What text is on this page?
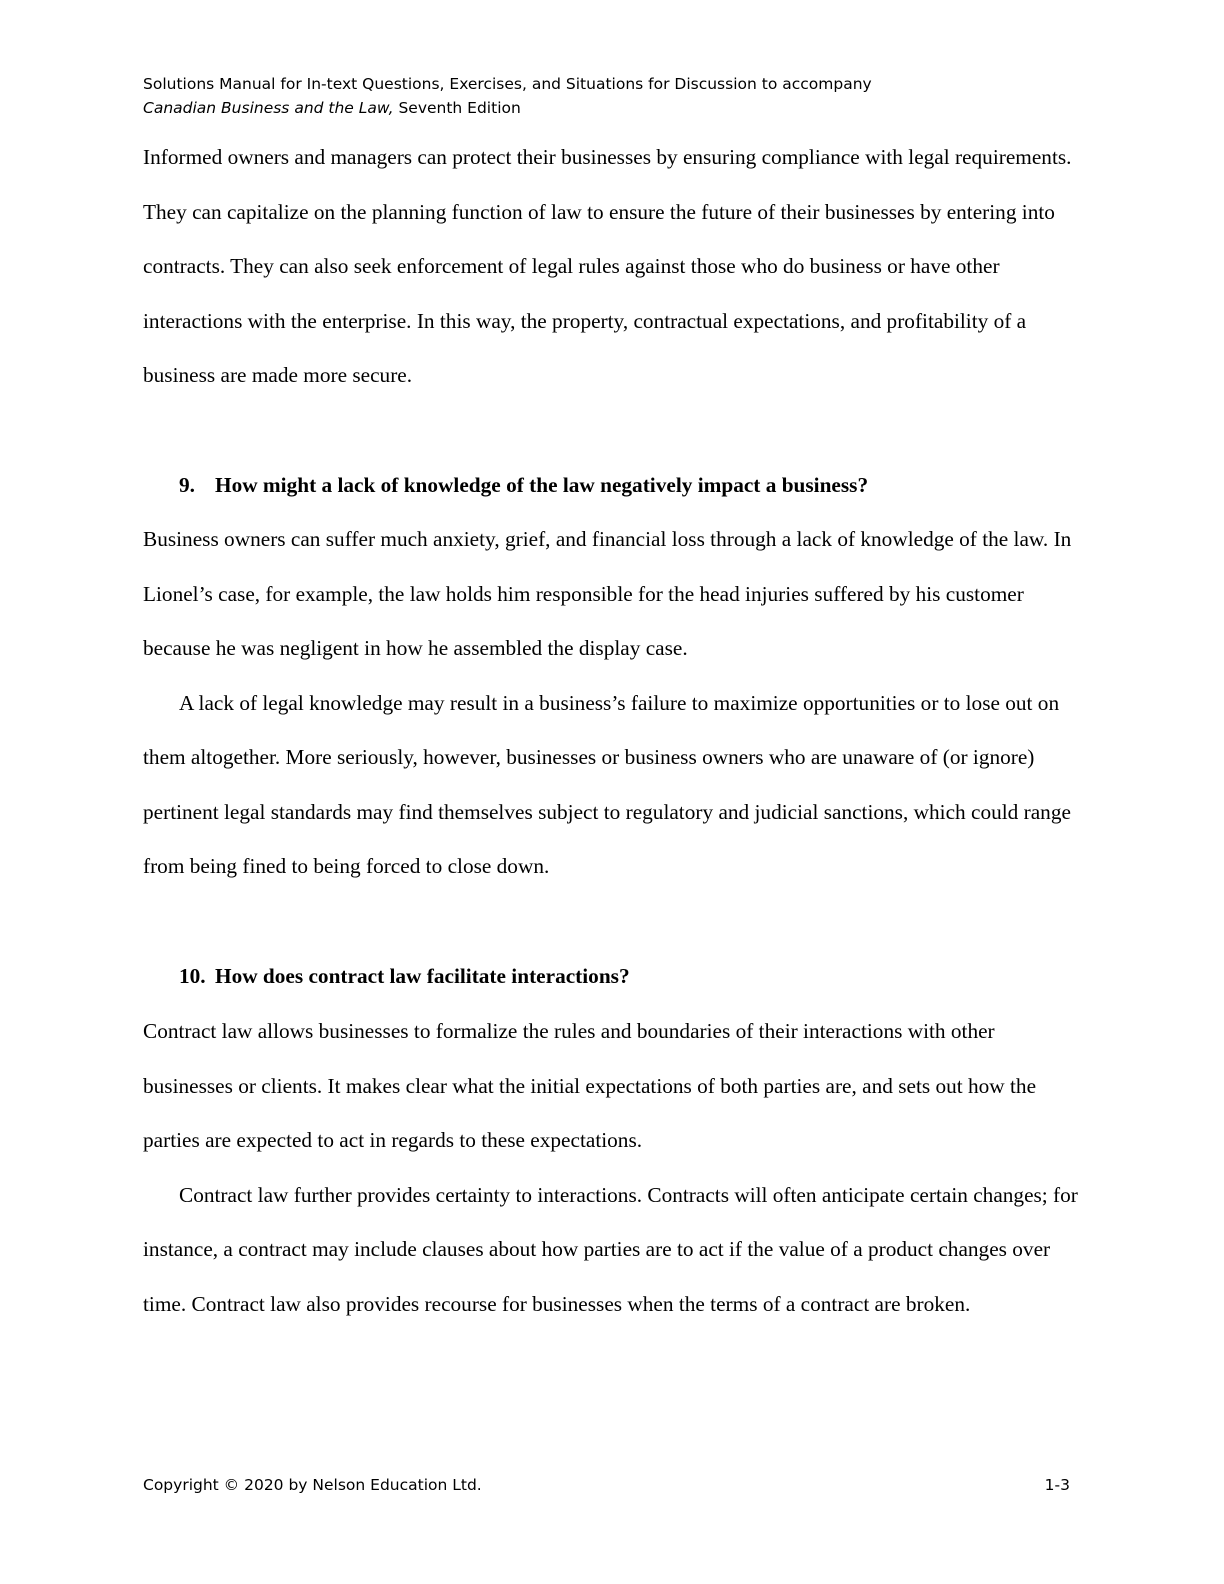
Solutions Manual for In-text Questions, Exercises, and Situations for Discussion to accompany
Canadian Business and the Law, Seventh Edition

Informed owners and managers can protect their businesses by ensuring compliance with legal requirements. They can capitalize on the planning function of law to ensure the future of their businesses by entering into contracts. They can also seek enforcement of legal rules against those who do business or have other interactions with the enterprise. In this way, the property, contractual expectations, and profitability of a business are made more secure.

9. How might a lack of knowledge of the law negatively impact a business?

Business owners can suffer much anxiety, grief, and financial loss through a lack of knowledge of the law. In Lionel’s case, for example, the law holds him responsible for the head injuries suffered by his customer because he was negligent in how he assembled the display case.

A lack of legal knowledge may result in a business’s failure to maximize opportunities or to lose out on them altogether. More seriously, however, businesses or business owners who are unaware of (or ignore) pertinent legal standards may find themselves subject to regulatory and judicial sanctions, which could range from being fined to being forced to close down.

10. How does contract law facilitate interactions?

Contract law allows businesses to formalize the rules and boundaries of their interactions with other businesses or clients. It makes clear what the initial expectations of both parties are, and sets out how the parties are expected to act in regards to these expectations.

Contract law further provides certainty to interactions. Contracts will often anticipate certain changes; for instance, a contract may include clauses about how parties are to act if the value of a product changes over time. Contract law also provides recourse for businesses when the terms of a contract are broken.

Copyright © 2020 by Nelson Education Ltd.	1-3
